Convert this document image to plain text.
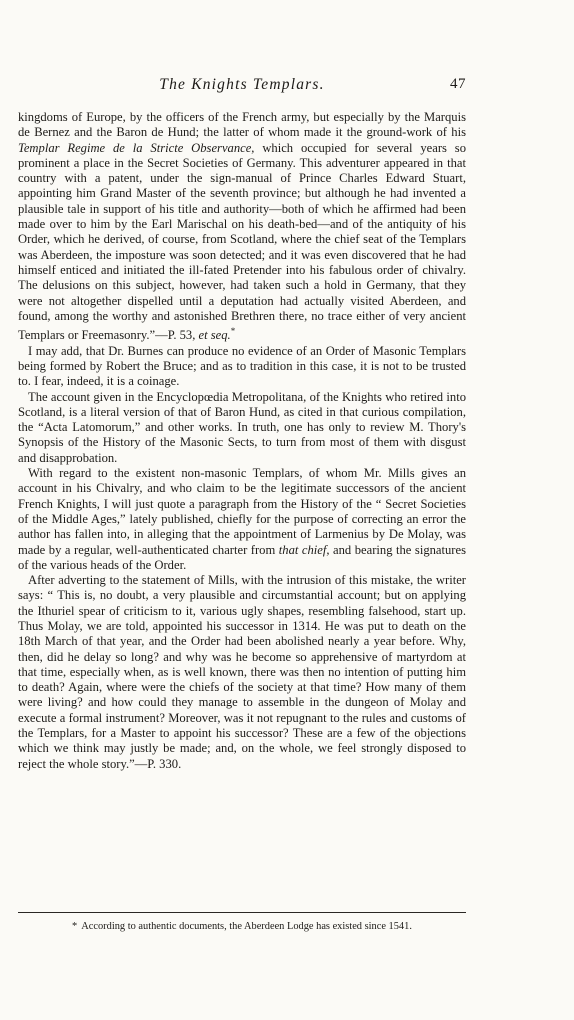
The Knights Templars.	47

kingdoms of Europe, by the officers of the French army, but especially by the Marquis de Bernez and the Baron de Hund; the latter of whom made it the ground-work of his Templar Regime de la Stricte Observance, which occupied for several years so prominent a place in the Secret Societies of Germany. This adventurer appeared in that country with a patent, under the sign-manual of Prince Charles Edward Stuart, appointing him Grand Master of the seventh province; but although he had invented a plausible tale in support of his title and authority—both of which he affirmed had been made over to him by the Earl Marischal on his death-bed—and of the antiquity of his Order, which he derived, of course, from Scotland, where the chief seat of the Templars was Aberdeen, the imposture was soon detected; and it was even discovered that he had himself enticed and initiated the ill-fated Pretender into his fabulous order of chivalry. The delusions on this subject, however, had taken such a hold in Germany, that they were not altogether dispelled until a deputation had actually visited Aberdeen, and found, among the worthy and astonished Brethren there, no trace either of very ancient Templars or Freemasonry.”—P. 53, et seq.*

I may add, that Dr. Burnes can produce no evidence of an Order of Masonic Templars being formed by Robert the Bruce; and as to tradition in this case, it is not to be trusted to. I fear, indeed, it is a coinage.

The account given in the Encyclopœdia Metropolitana, of the Knights who retired into Scotland, is a literal version of that of Baron Hund, as cited in that curious compilation, the “Acta Latomorum,” and other works. In truth, one has only to review M. Thory's Synopsis of the History of the Masonic Sects, to turn from most of them with disgust and disapprobation.

With regard to the existent non-masonic Templars, of whom Mr. Mills gives an account in his Chivalry, and who claim to be the legitimate successors of the ancient French Knights, I will just quote a paragraph from the History of the “ Secret Societies of the Middle Ages,” lately published, chiefly for the purpose of correcting an error the author has fallen into, in alleging that the appointment of Larmenius by De Molay, was made by a regular, well-authenticated charter from that chief, and bearing the signatures of the various heads of the Order.

After adverting to the statement of Mills, with the intrusion of this mistake, the writer says: “ This is, no doubt, a very plausible and circumstantial account; but on applying the Ithuriel spear of criticism to it, various ugly shapes, resembling falsehood, start up. Thus Molay, we are told, appointed his successor in 1314. He was put to death on the 18th March of that year, and the Order had been abolished nearly a year before. Why, then, did he delay so long? and why was he become so apprehensive of martyrdom at that time, especially when, as is well known, there was then no intention of putting him to death? Again, where were the chiefs of the society at that time? How many of them were living? and how could they manage to assemble in the dungeon of Molay and execute a formal instrument? Moreover, was it not repugnant to the rules and customs of the Templars, for a Master to appoint his successor? These are a few of the objections which we think may justly be made; and, on the whole, we feel strongly disposed to reject the whole story.”—P. 330.

* According to authentic documents, the Aberdeen Lodge has existed since 1541.
